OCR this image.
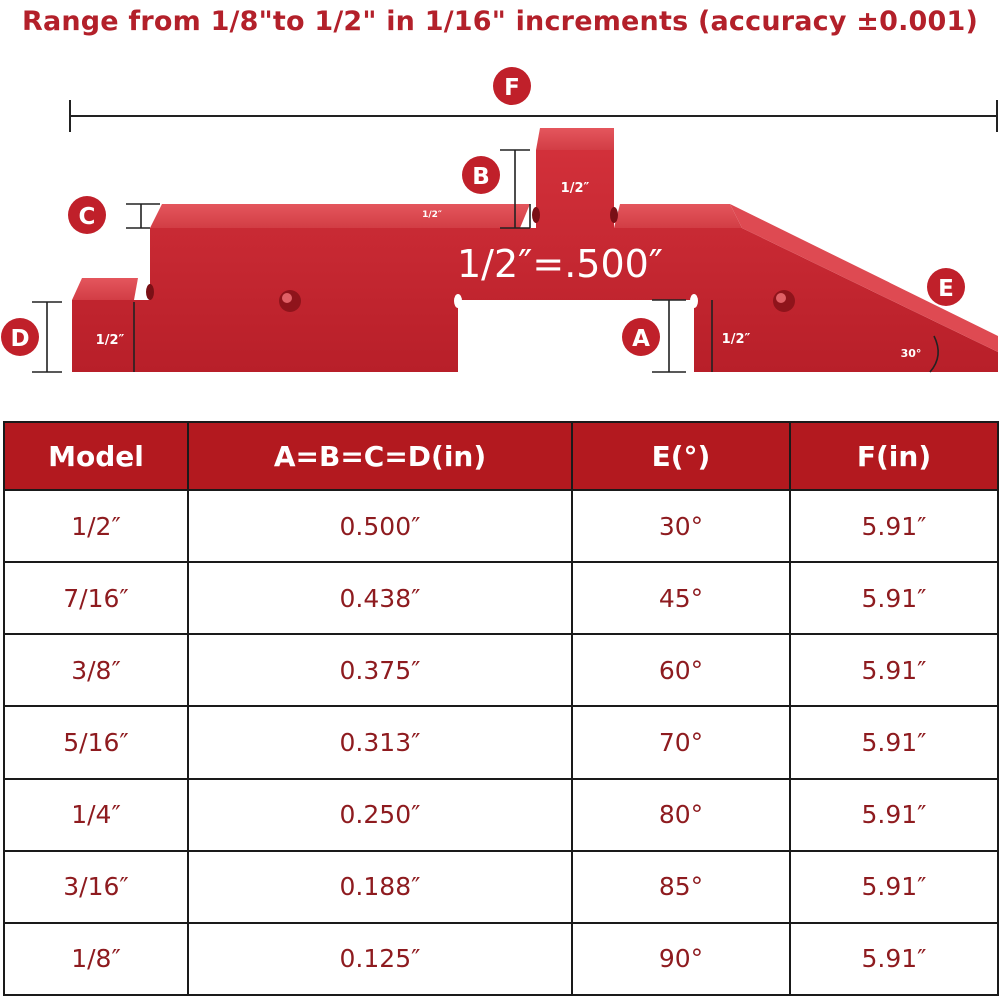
Range from 1/8"to 1/2" in 1/16" increments (accuracy ±0.001)
F
B
C
D	A
E
1/2″
1/2″
1/2″
1/2″
1/2″=.500″
30°
Model	A=B=C=D(in)	E(°)	F(in)
1/2″	0.500″	30°	5.91″
7/16″	0.438″	45°	5.91″
3/8″	0.375″	60°	5.91″
5/16″	0.313″	70°	5.91″
1/4″	0.250″	80°	5.91″
3/16″	0.188″	85°	5.91″
1/8″	0.125″	90°	5.91″
